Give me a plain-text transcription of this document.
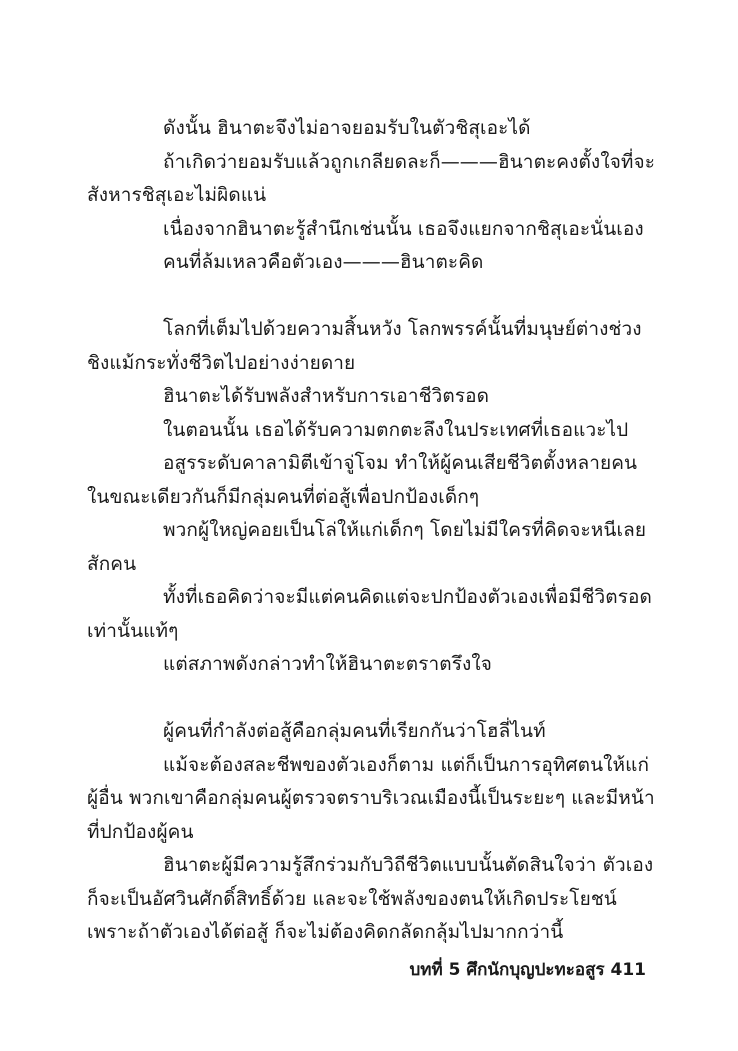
ดังนั้น ฮินาตะจึงไม่อาจยอมรับในตัวชิสุเอะได้

ถ้าเกิดว่ายอมรับแล้วถูกเกลียดละก็———ฮินาตะคงตั้งใจที่จะสังหารชิสุเอะไม่ผิดแน่

เนื่องจากฮินาตะรู้สำนึกเช่นนั้น เธอจึงแยกจากชิสุเอะนั่นเอง

คนที่ล้มเหลวคือตัวเอง———ฮินาตะคิด

โลกที่เต็มไปด้วยความสิ้นหวัง โลกพรรค์นั้นที่มนุษย์ต่างช่วงชิงแม้กระทั่งชีวิตไปอย่างง่ายดาย

ฮินาตะได้รับพลังสำหรับการเอาชีวิตรอด

ในตอนนั้น เธอได้รับความตกตะลึงในประเทศที่เธอแวะไป

อสูรระดับคาลามิตีเข้าจู่โจม ทำให้ผู้คนเสียชีวิตตั้งหลายคน ในขณะเดียวกันก็มีกลุ่มคนที่ต่อสู้เพื่อปกป้องเด็กๆ

พวกผู้ใหญ่คอยเป็นโล่ให้แก่เด็กๆ โดยไม่มีใครที่คิดจะหนีเลยสักคน

ทั้งที่เธอคิดว่าจะมีแต่คนคิดแต่จะปกป้องตัวเองเพื่อมีชีวิตรอดเท่านั้นแท้ๆ

แต่สภาพดังกล่าวทำให้ฮินาตะตราตรึงใจ

ผู้คนที่กำลังต่อสู้คือกลุ่มคนที่เรียกกันว่าโฮลี่ไนท์

แม้จะต้องสละชีพของตัวเองก็ตาม แต่ก็เป็นการอุทิศตนให้แก่ผู้อื่น พวกเขาคือกลุ่มคนผู้ตรวจตราบริเวณเมืองนี้เป็นระยะๆ และมีหน้าที่ปกป้องผู้คน

ฮินาตะผู้มีความรู้สึกร่วมกับวิถีชีวิตแบบนั้นตัดสินใจว่า ตัวเองก็จะเป็นอัศวินศักดิ์สิทธิ์ด้วย และจะใช้พลังของตนให้เกิดประโยชน์ เพราะถ้าตัวเองได้ต่อสู้ ก็จะไม่ต้องคิดกลัดกลุ้มไปมากกว่านี้

บทที่ 5 ศึกนักบุญปะทะอสูร 411
